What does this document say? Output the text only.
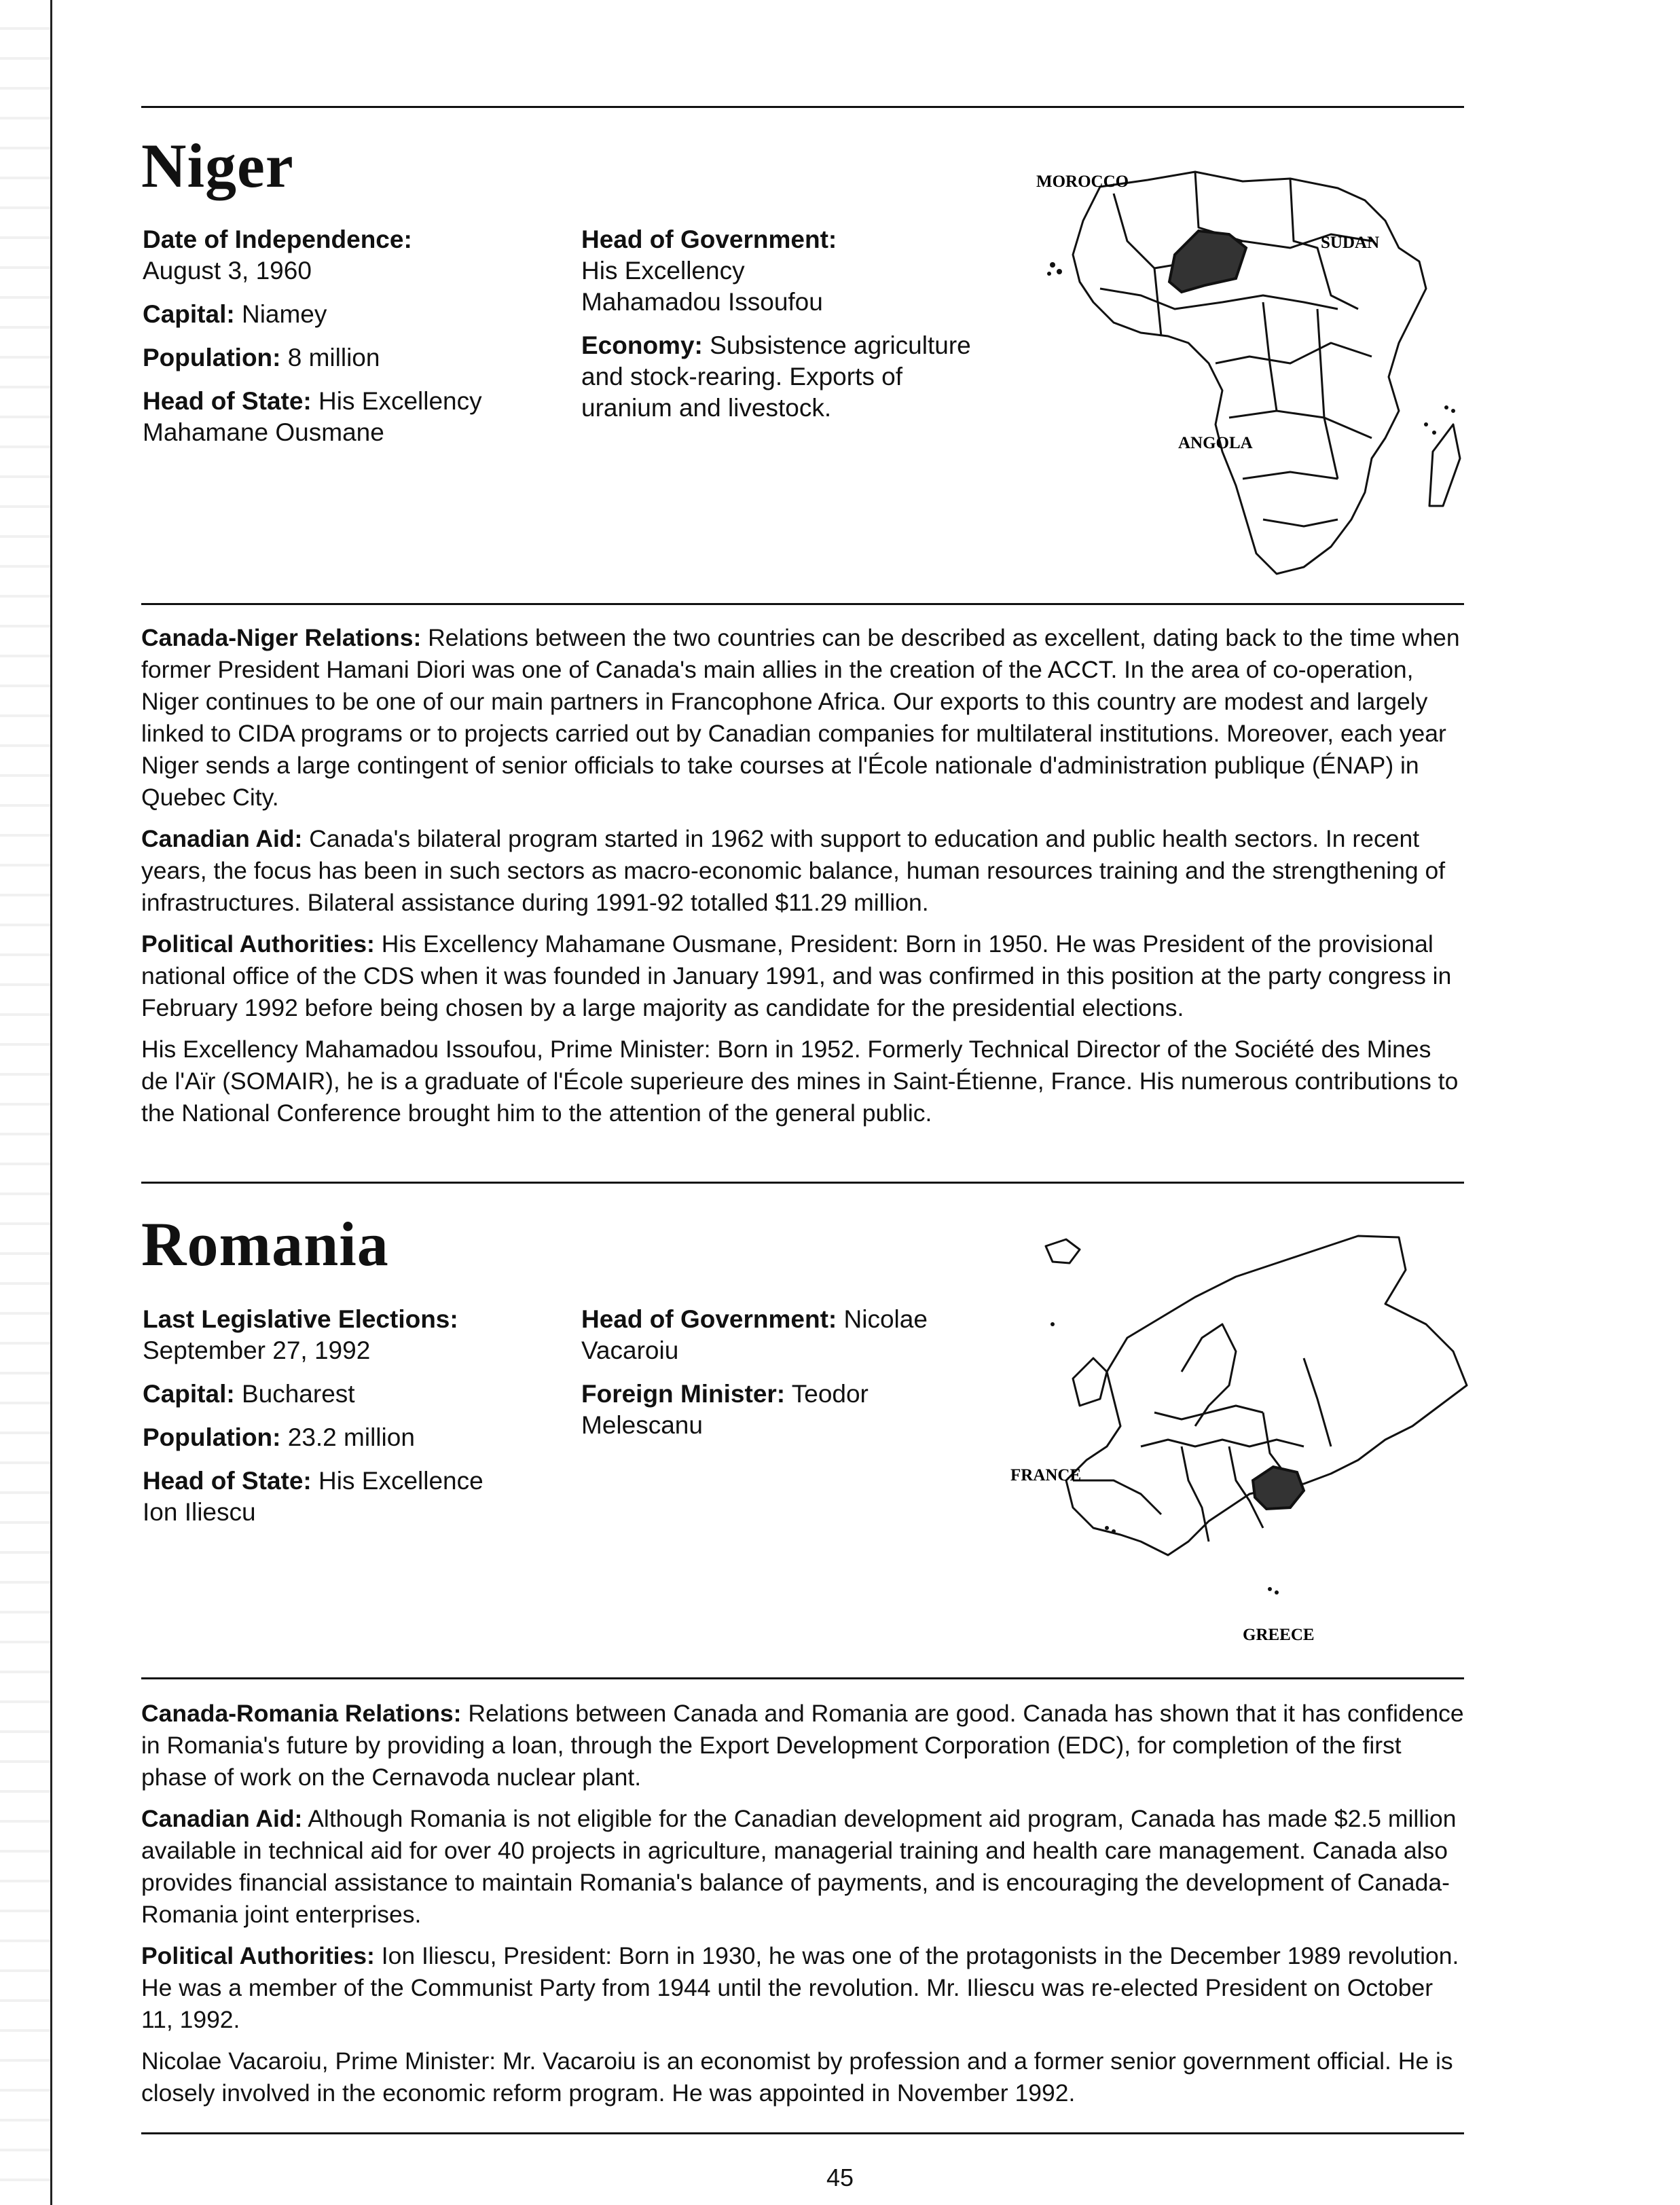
Niger

Date of Independence:
August 3, 1960

Capital: Niamey

Population: 8 million

Head of State: His Excellency Mahamane Ousmane

Head of Government:
His Excellency Mahamadou Issoufou

Economy: Subsistence agriculture and stock-rearing. Exports of uranium and livestock.

MOROCCO
SUDAN
ANGOLA

Canada-Niger Relations: Relations between the two countries can be described as excellent, dating back to the time when former President Hamani Diori was one of Canada's main allies in the creation of the ACCT. In the area of co-operation, Niger continues to be one of our main partners in Francophone Africa. Our exports to this country are modest and largely linked to CIDA programs or to projects carried out by Canadian companies for multilateral institutions. Moreover, each year Niger sends a large contingent of senior officials to take courses at l'École nationale d'administration publique (ÉNAP) in Quebec City.

Canadian Aid: Canada's bilateral program started in 1962 with support to education and public health sectors. In recent years, the focus has been in such sectors as macro-economic balance, human resources training and the strengthening of infrastructures. Bilateral assistance during 1991-92 totalled $11.29 million.

Political Authorities: His Excellency Mahamane Ousmane, President: Born in 1950. He was President of the provisional national office of the CDS when it was founded in January 1991, and was confirmed in this position at the party congress in February 1992 before being chosen by a large majority as candidate for the presidential elections.

His Excellency Mahamadou Issoufou, Prime Minister: Born in 1952. Formerly Technical Director of the Société des Mines de l'Aïr (SOMAIR), he is a graduate of l'École superieure des mines in Saint-Étienne, France. His numerous contributions to the National Conference brought him to the attention of the general public.

Romania

Last Legislative Elections:
September 27, 1992

Capital: Bucharest

Population: 23.2 million

Head of State: His Excellence Ion Iliescu

Head of Government: Nicolae Vacaroiu

Foreign Minister: Teodor Melescanu

FRANCE
GREECE

Canada-Romania Relations: Relations between Canada and Romania are good. Canada has shown that it has confidence in Romania's future by providing a loan, through the Export Development Corporation (EDC), for completion of the first phase of work on the Cernavoda nuclear plant.

Canadian Aid: Although Romania is not eligible for the Canadian development aid program, Canada has made $2.5 million available in technical aid for over 40 projects in agriculture, managerial training and health care management. Canada also provides financial assistance to maintain Romania's balance of payments, and is encouraging the development of Canada-Romania joint enterprises.

Political Authorities: Ion Iliescu, President: Born in 1930, he was one of the protagonists in the December 1989 revolution. He was a member of the Communist Party from 1944 until the revolution. Mr. Iliescu was re-elected President on October 11, 1992.

Nicolae Vacaroiu, Prime Minister: Mr. Vacaroiu is an economist by profession and a former senior government official. He is closely involved in the economic reform program. He was appointed in November 1992.

45
